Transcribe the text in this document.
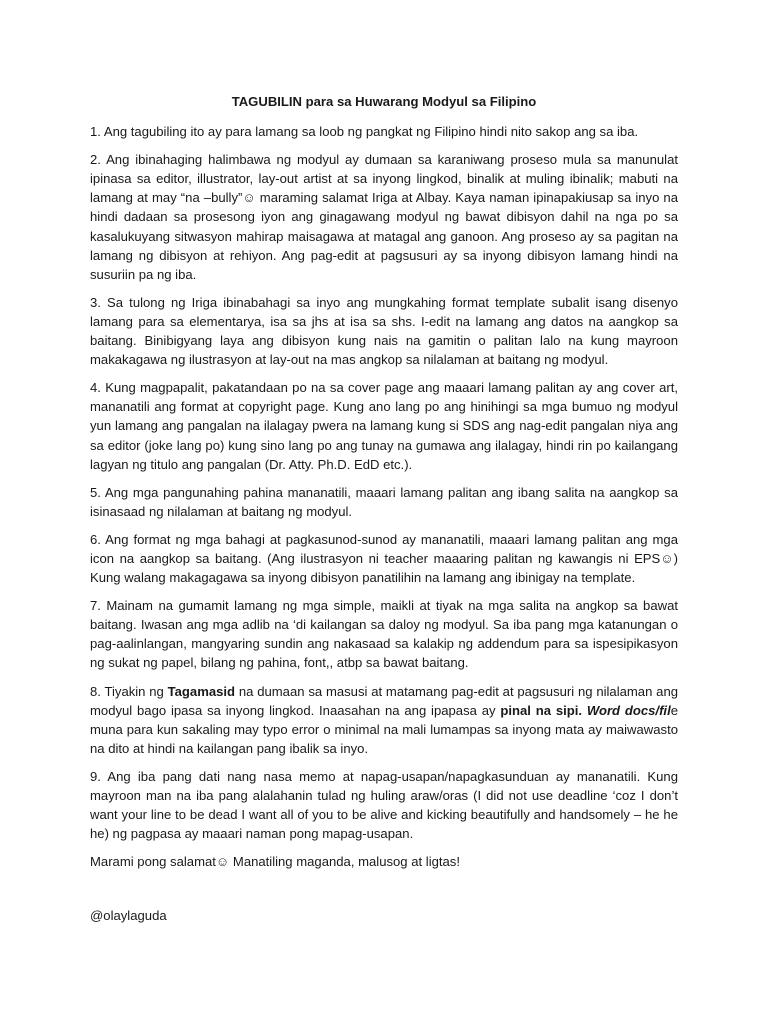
TAGUBILIN para sa Huwarang Modyul sa Filipino

1. Ang tagubiling ito ay para lamang sa loob ng pangkat ng Filipino hindi nito sakop ang sa iba.

2. Ang ibinahaging halimbawa ng modyul ay dumaan sa karaniwang proseso mula sa manunulat ipinasa sa editor, illustrator, lay-out artist at sa inyong lingkod, binalik at muling ibinalik; mabuti na lamang at may “na –bully”☺ maraming salamat Iriga at Albay. Kaya naman ipinapakiusap sa inyo na hindi dadaan sa prosesong iyon ang ginagawang modyul ng bawat dibisyon dahil na nga po sa kasalukuyang sitwasyon mahirap maisagawa at matagal ang ganoon. Ang proseso ay sa pagitan na lamang ng dibisyon at rehiyon. Ang pag-edit at pagsusuri ay sa inyong dibisyon lamang hindi na susuriin pa ng iba.

3. Sa tulong ng Iriga ibinabahagi sa inyo ang mungkahing format template subalit isang disenyo lamang para sa elementarya, isa sa jhs at isa sa shs. I-edit na lamang ang datos na aangkop sa baitang. Binibigyang laya ang dibisyon kung nais na gamitin o palitan lalo na kung mayroon makakagawa ng ilustrasyon at lay-out na mas angkop sa nilalaman at baitang ng modyul.

4. Kung magpapalit, pakatandaan po na sa cover page ang maaari lamang palitan ay ang cover art, mananatili ang format at copyright page. Kung ano lang po ang hinihingi sa mga bumuo ng modyul yun lamang ang pangalan na ilalagay pwera na lamang kung si SDS ang nag-edit pangalan niya ang sa editor (joke lang po) kung sino lang po ang tunay na gumawa ang ilalagay, hindi rin po kailangang lagyan ng titulo ang pangalan (Dr. Atty. Ph.D. EdD etc.).

5. Ang mga pangunahing pahina mananatili, maaari lamang palitan ang ibang salita na aangkop sa isinasaad ng nilalaman at baitang ng modyul.

6. Ang format ng mga bahagi at pagkasunod-sunod ay mananatili, maaari lamang palitan ang mga icon na aangkop sa baitang. (Ang ilustrasyon ni teacher maaaring palitan ng kawangis ni EPS☺) Kung walang makagagawa sa inyong dibisyon panatilihin na lamang ang ibinigay na template.

7. Mainam na gumamit lamang ng mga simple, maikli at tiyak na mga salita na angkop sa bawat baitang. Iwasan ang mga adlib na ‘di kailangan sa daloy ng modyul. Sa iba pang mga katanungan o pag-aalinlangan, mangyaring sundin ang nakasaad sa kalakip ng addendum para sa ispesipikasyon ng sukat ng papel, bilang ng pahina, font,, atbp sa bawat baitang.

8. Tiyakin ng Tagamasid na dumaan sa masusi at matamang pag-edit at pagsusuri ng nilalaman ang modyul bago ipasa sa inyong lingkod. Inaasahan na ang ipapasa ay pinal na sipi. Word docs/file muna para kun sakaling may typo error o minimal na mali lumampas sa inyong mata ay maiwawasto na dito at hindi na kailangan pang ibalik sa inyo.

9. Ang iba pang dati nang nasa memo at napag-usapan/napagkasunduan ay mananatili. Kung mayroon man na iba pang alalahanin tulad ng huling araw/oras (I did not use deadline ‘coz I don’t want your line to be dead I want all of you to be alive and kicking beautifully and handsomely – he he he) ng pagpasa ay maaari naman pong mapag-usapan.

Marami pong salamat☺ Manatiling maganda, malusog at ligtas!

@olaylaguda
